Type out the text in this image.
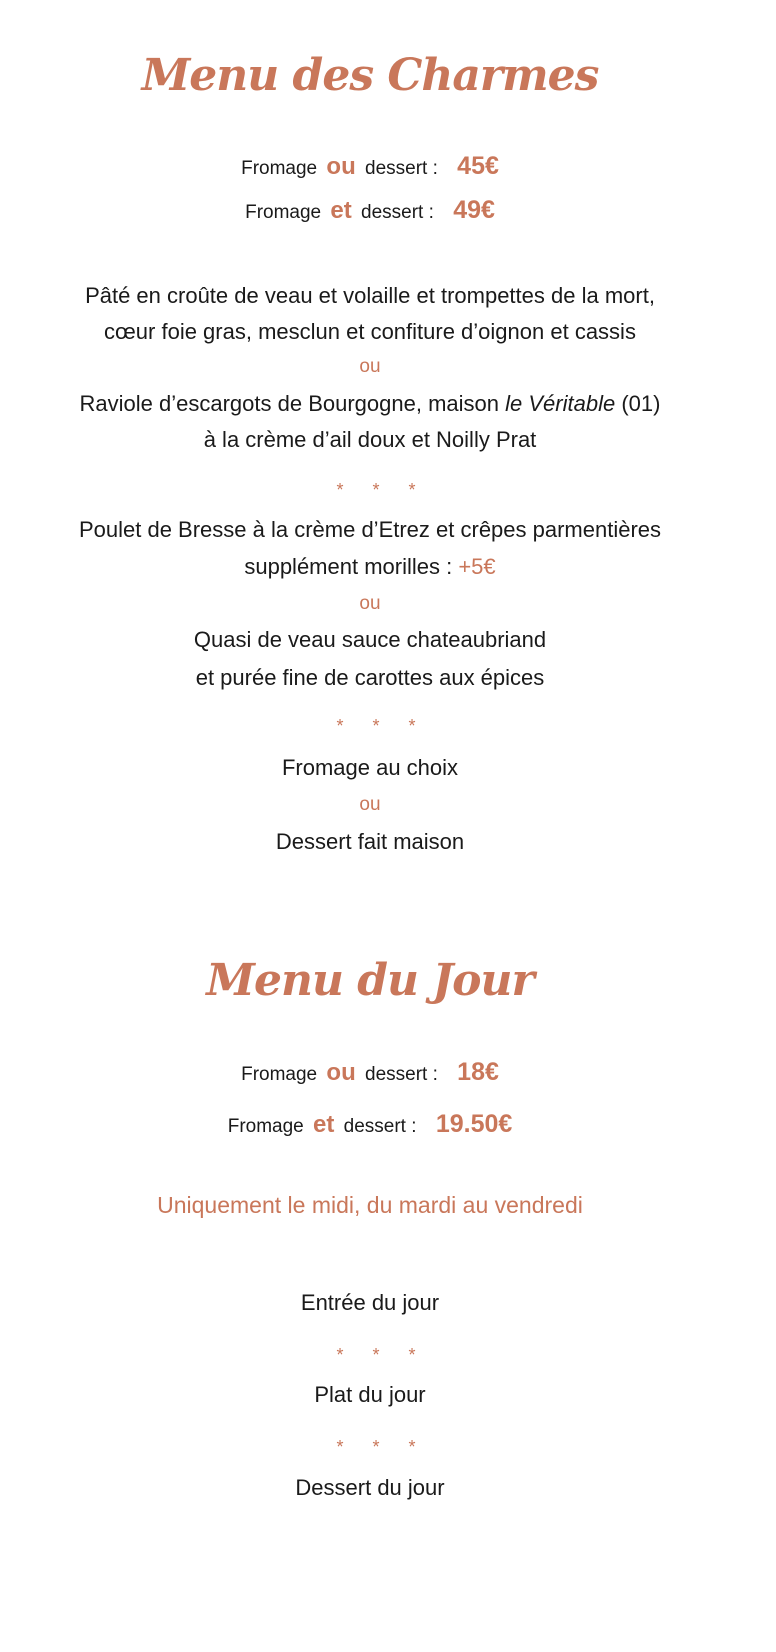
Menu des Charmes
Fromage ou dessert : 45€
Fromage et dessert : 49€
Pâté en croûte de veau et volaille et trompettes de la mort,
cœur foie gras, mesclun et confiture d’oignon et cassis
ou
Raviole d’escargots de Bourgogne, maison le Véritable (01)
à la crème d’ail doux et Noilly Prat
* * *
Poulet de Bresse à la crème d’Etrez et crêpes parmentières
supplément morilles : +5€
ou
Quasi de veau sauce chateaubriand
et purée fine de carottes aux épices
* * *
Fromage au choix
ou
Dessert fait maison
Menu du Jour
Fromage ou dessert : 18€
Fromage et dessert : 19.50€
Uniquement le midi, du mardi au vendredi
Entrée du jour
* * *
Plat du jour
* * *
Dessert du jour
